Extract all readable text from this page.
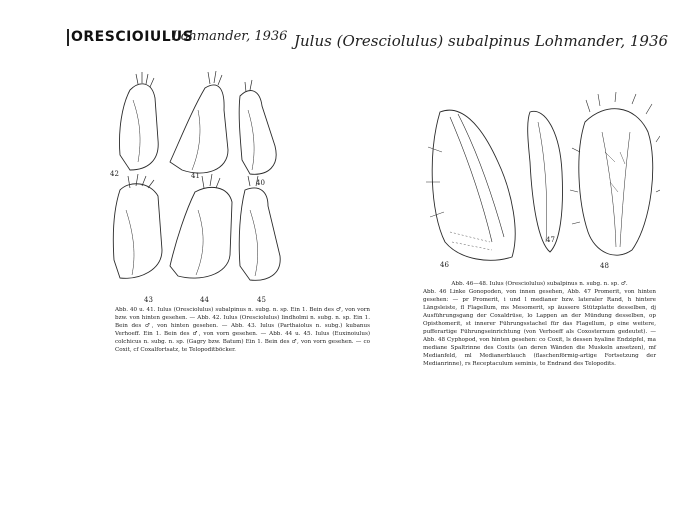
ORESCIOIULUS
Lohmander, 1936 Julus (Oresciolulus) subalpinus Lohmander, 1936
42	41
40
43	44	45
Abb. 40 u. 41. Iulus (Oresciolulus) subalpinus n. subg. n. sp. Ein 1. Bein des ♂, von vorn bzw. von hinten gesehen. — Abb. 42. Iulus (Oresciolulus) lindholmi n. subg. n. sp. Ein 1. Bein des ♂, von hinten gesehen. — Abb. 43. Iulus (Parthaiolus n. subg.) kubanus Verhoeff. Ein 1. Bein des ♂, von vorn gesehen. — Abb. 44 u. 45. Iulus (Euxinoiulus) colchicus n. subg. n. sp. (Gagry bzw. Batum) Ein 1. Bein des ♂, von vorn gesehen. — co Coxit, cf Coxalfortsatz, te Telopoditböcker.
46
47
48
Abb. 46—48. Iulus (Oresciolulus) subalpinus n. subg. n. sp. ♂.
Abb. 46 Linke Gonopoden, von innen gesehen, Abb. 47 Promerit, von hinten gesehen: — pr Promerit, i und l medianer bzw. lateraler Rand, h hintere Längsleiste, fl Flagellum, ms Mesomerit, sp äussere Stützplatte desselben, dj Ausführungsgang der Coxaldrüse, lo Lappen an der Mündung desselben, op Opisthomerit, st innerer Führungsstachel für das Flagellum, p eine weitere, pufferartige Führungseinrichtung (von Verhoeff als Coxosternum gedeutet). — Abb. 48 Cyphopod, von hinten gesehen: co Coxit, ls dessen hyaline Endzipfel, ma mediane Spaltrinne des Coxits (an deren Wänden die Muskeln ansetzen), mf Medianfeld, ml Medianerblauch (flaschenförmig-artige Fortsetzung der Medianrinne), rs Receptaculum seminis, te Endrand des Telopodits.
